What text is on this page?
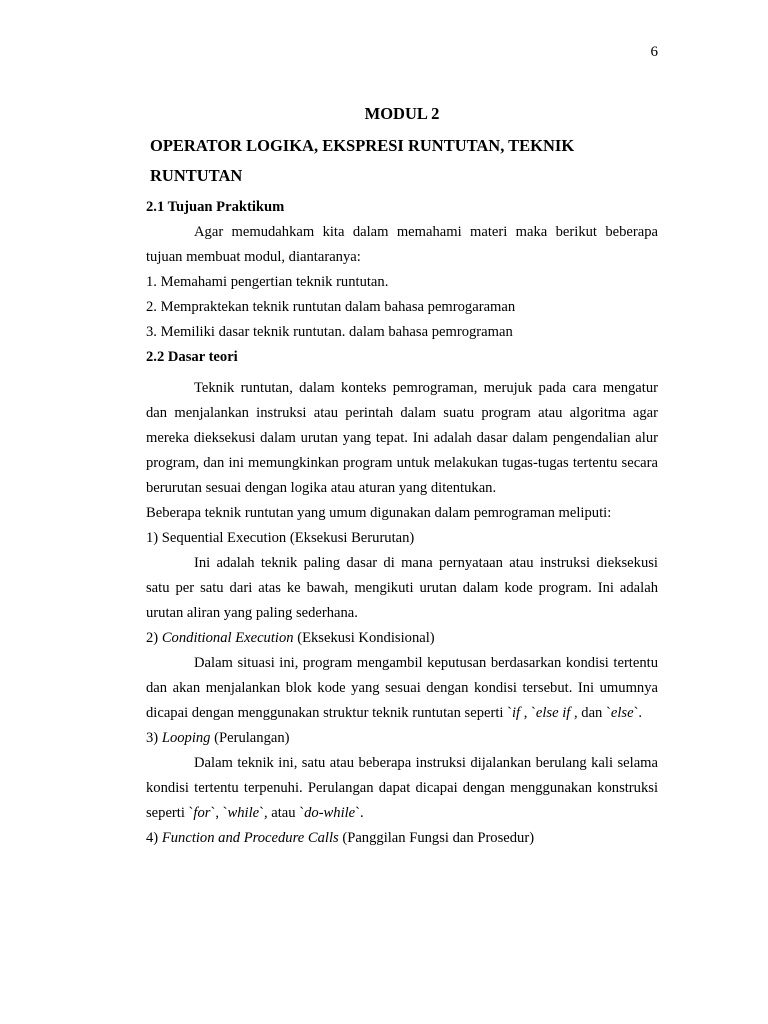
6
MODUL 2
OPERATOR LOGIKA, EKSPRESI RUNTUTAN, TEKNIK RUNTUTAN
2.1 Tujuan Praktikum

Agar memudahkam kita dalam memahami materi maka berikut beberapa tujuan membuat modul, diantaranya:

1. Memahami pengertian teknik runtutan.

2. Mempraktekan teknik runtutan dalam bahasa pemrogaraman

3. Memiliki dasar teknik runtutan. dalam bahasa pemrograman

2.2 Dasar teori

Teknik runtutan, dalam konteks pemrograman, merujuk pada cara mengatur dan menjalankan instruksi atau perintah dalam suatu program atau algoritma agar mereka dieksekusi dalam urutan yang tepat. Ini adalah dasar dalam pengendalian alur program, dan ini memungkinkan program untuk melakukan tugas-tugas tertentu secara berurutan sesuai dengan logika atau aturan yang ditentukan.

Beberapa teknik runtutan yang umum digunakan dalam pemrograman meliputi:

1) Sequential Execution (Eksekusi Berurutan)

Ini adalah teknik paling dasar di mana pernyataan atau instruksi dieksekusi satu per satu dari atas ke bawah, mengikuti urutan dalam kode program. Ini adalah urutan aliran yang paling sederhana.

2) Conditional Execution (Eksekusi Kondisional)

Dalam situasi ini, program mengambil keputusan berdasarkan kondisi tertentu dan akan menjalankan blok kode yang sesuai dengan kondisi tersebut. Ini umumnya dicapai dengan menggunakan struktur teknik runtutan seperti `if , `else if , dan `else`.

3) Looping (Perulangan)

Dalam teknik ini, satu atau beberapa instruksi dijalankan berulang kali selama kondisi tertentu terpenuhi. Perulangan dapat dicapai dengan menggunakan konstruksi seperti `for`, `while`, atau `do-while`.

4) Function and Procedure Calls (Panggilan Fungsi dan Prosedur)
